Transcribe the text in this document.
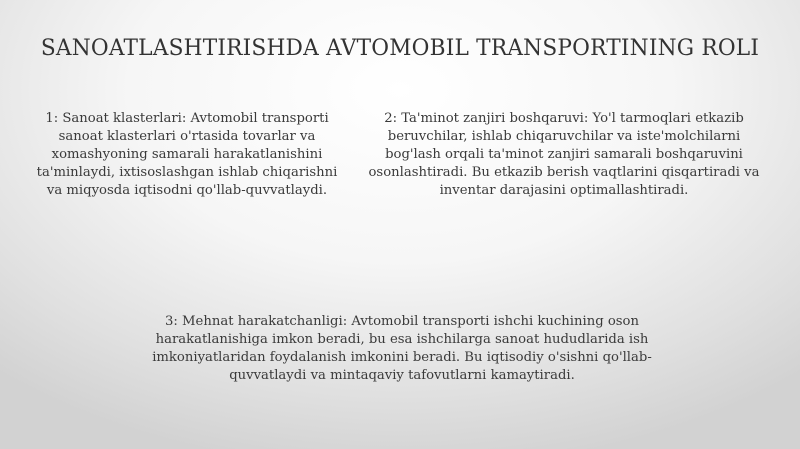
SANOATLASHTIRISHDA AVTOMOBIL TRANSPORTINING ROLI

1: Sanoat klasterlari: Avtomobil transporti sanoat klasterlari o'rtasida tovarlar va xomashyoning samarali harakatlanishini ta'minlaydi, ixtisoslashgan ishlab chiqarishni va miqyosda iqtisodni qo'llab-quvvatlaydi.

2: Ta'minot zanjiri boshqaruvi: Yo'l tarmoqlari etkazib beruvchilar, ishlab chiqaruvchilar va iste'molchilarni bog'lash orqali ta'minot zanjiri samarali boshqaruvini osonlashtiradi. Bu etkazib berish vaqtlarini qisqartiradi va inventar darajasini optimallashtiradi.

3: Mehnat harakatchanligi: Avtomobil transporti ishchi kuchining oson harakatlanishiga imkon beradi, bu esa ishchilarga sanoat hududlarida ish imkoniyatlaridan foydalanish imkonini beradi. Bu iqtisodiy o'sishni qo'llab-quvvatlaydi va mintaqaviy tafovutlarni kamaytiradi.
